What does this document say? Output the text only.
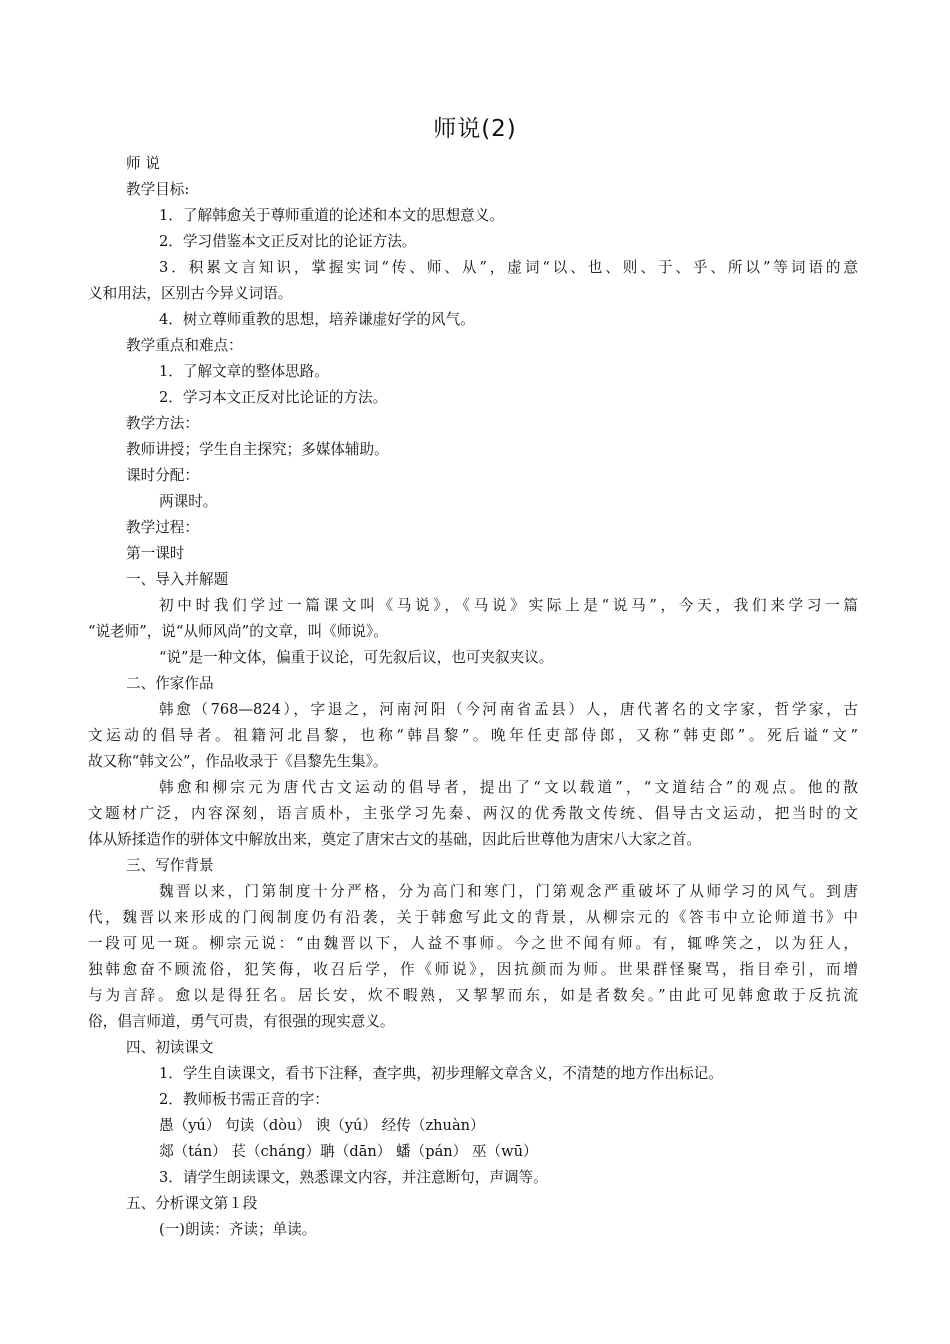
师说(2)
师 说
教学目标:
1．了解韩愈关于尊师重道的论述和本文的思想意义。
2．学习借鉴本文正反对比的论证方法。
3．积累文言知识，掌握实词“传、师、从”，虚词“以、也、则、于、乎、所以”等词语的意
义和用法，区别古今异义词语。
4．树立尊师重教的思想，培养谦虚好学的风气。
教学重点和难点：
1．了解文章的整体思路。
2．学习本文正反对比论证的方法。
教学方法：
教师讲授；学生自主探究；多媒体辅助。
课时分配：
两课时。
教学过程：
第一课时
一、导入并解题
初中时我们学过一篇课文叫《马说》，《马说》实际上是“说马”，今天，我们来学习一篇
“说老师”，说“从师风尚”的文章，叫《师说》。
“说”是一种文体，偏重于议论，可先叙后议，也可夹叙夹议。
二、作家作品
韩愈（768—824），字退之，河南河阳（今河南省孟县）人，唐代著名的文字家，哲学家，古
文运动的倡导者。祖籍河北昌黎，也称“韩昌黎”。晚年任吏部侍郎，又称“韩吏郎”。死后谥“文”
故又称“韩文公”，作品收录于《昌黎先生集》。
韩愈和柳宗元为唐代古文运动的倡导者，提出了“文以载道”，“文道结合”的观点。他的散
文题材广泛，内容深刻，语言质朴，主张学习先秦、两汉的优秀散文传统、倡导古文运动，把当时的文
体从矫揉造作的骈体文中解放出来，奠定了唐宋古文的基础，因此后世尊他为唐宋八大家之首。
三、写作背景
魏晋以来，门第制度十分严格，分为高门和寒门，门第观念严重破坏了从师学习的风气。到唐
代，魏晋以来形成的门阀制度仍有沿袭，关于韩愈写此文的背景，从柳宗元的《答韦中立论师道书》中
一段可见一斑。柳宗元说：“由魏晋以下，人益不事师。今之世不闻有师。有，辄哗笑之，以为狂人，
独韩愈奋不顾流俗，犯笑侮，收召后学，作《师说》，因抗颜而为师。世果群怪聚骂，指目牵引，而增
与为言辞。愈以是得狂名。居长安，炊不暇熟，又挈挈而东，如是者数矣。”由此可见韩愈敢于反抗流
俗，倡言师道，勇气可贵，有很强的现实意义。
四、初读课文
1．学生自读课文，看书下注释，查字典，初步理解文章含义，不清楚的地方作出标记。
2．教师板书需正音的字：
愚（yú） 句读（dòu） 谀（yú） 经传（zhuàn）
郯（tán） 苌（cháng）聃（dān） 蟠（pán） 巫（wū）
3．请学生朗读课文，熟悉课文内容，并注意断句，声调等。
五、分析课文第１段
(一)朗读：齐读；单读。
